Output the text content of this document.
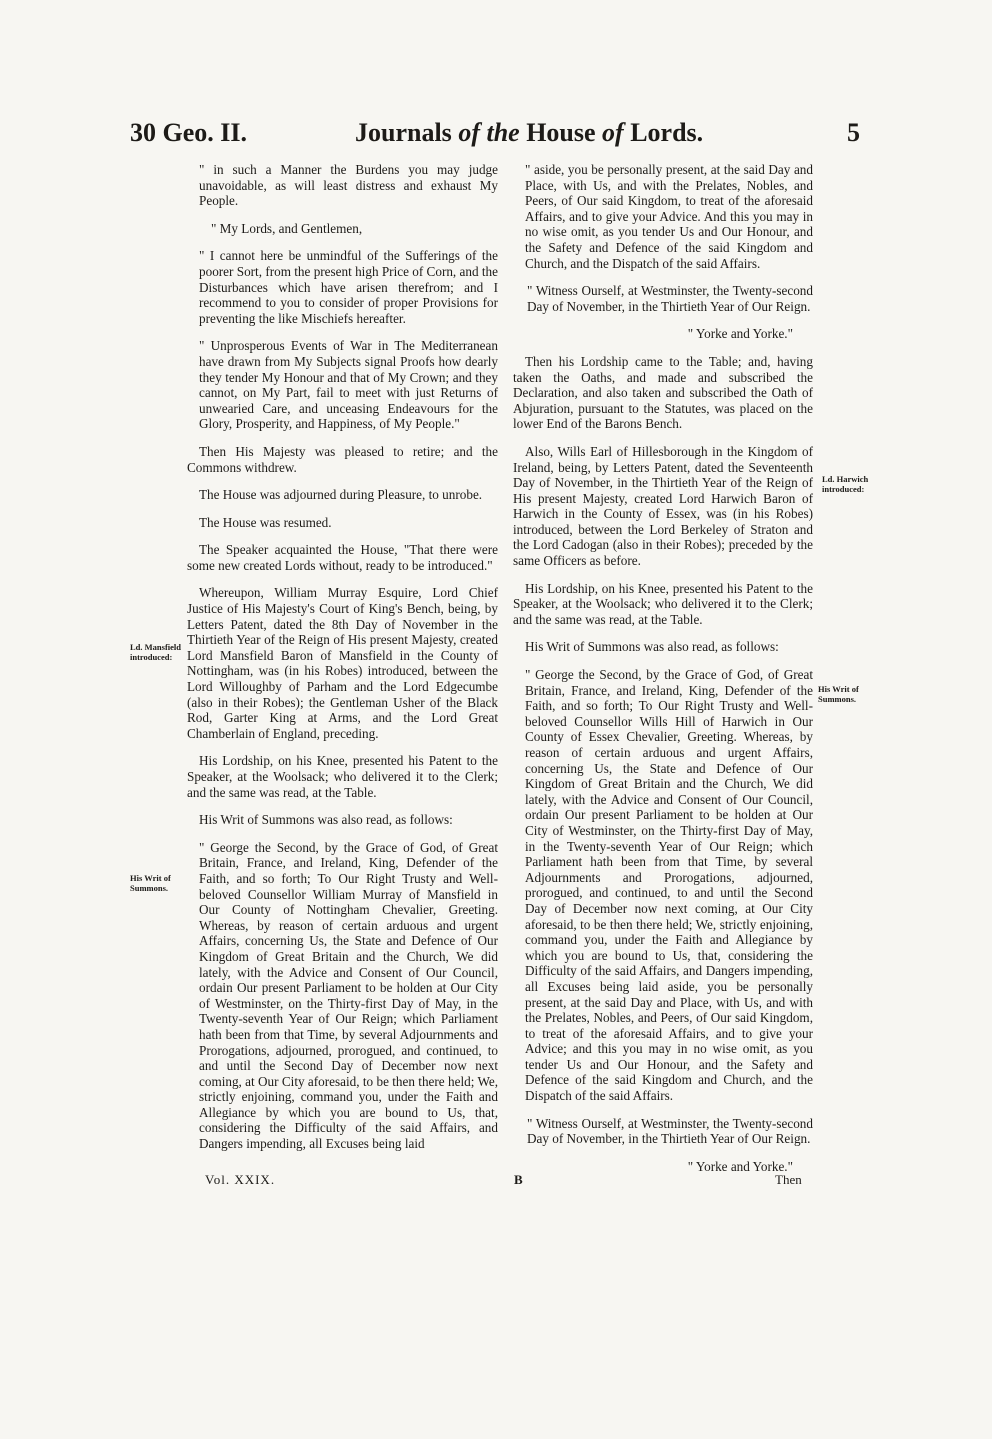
30 Geo. II.	Journals of the House of Lords.	5

" in such a Manner the Burdens you may judge unavoidable, as will least distress and exhaust My People.

" My Lords, and Gentlemen,

" I cannot here be unmindful of the Sufferings of the poorer Sort, from the present high Price of Corn, and the Disturbances which have arisen therefrom; and I recommend to you to consider of proper Provisions for preventing the like Mischiefs hereafter.

" Unprosperous Events of War in The Mediterranean have drawn from My Subjects signal Proofs how dearly they tender My Honour and that of My Crown; and they cannot, on My Part, fail to meet with just Returns of unwearied Care, and unceasing Endeavours for the Glory, Prosperity, and Happiness, of My People."

Then His Majesty was pleased to retire; and the Commons withdrew.

The House was adjourned during Pleasure, to unrobe.

The House was resumed.

The Speaker acquainted the House, "That there were some new created Lords without, ready to be introduced."

Whereupon, William Murray Esquire, Lord Chief Justice of His Majesty's Court of King's Bench, being, by Letters Patent, dated the 8th Day of November in the Thirtieth Year of the Reign of His present Majesty, created Lord Mansfield Baron of Mansfield in the County of Nottingham, was (in his Robes) introduced, between the Lord Willoughby of Parham and the Lord Edgecumbe (also in their Robes); the Gentleman Usher of the Black Rod, Garter King at Arms, and the Lord Great Chamberlain of England, preceding.

His Lordship, on his Knee, presented his Patent to the Speaker, at the Woolsack; who delivered it to the Clerk; and the same was read, at the Table.

His Writ of Summons was also read, as follows:

" George the Second, by the Grace of God, of Great Britain, France, and Ireland, King, Defender of the Faith, and so forth; To Our Right Trusty and Well-beloved Counsellor William Murray of Mansfield in Our County of Nottingham Chevalier, Greeting. Whereas, by reason of certain arduous and urgent Affairs, concerning Us, the State and Defence of Our Kingdom of Great Britain and the Church, We did lately, with the Advice and Consent of Our Council, ordain Our present Parliament to be holden at Our City of Westminster, on the Thirty-first Day of May, in the Twenty-seventh Year of Our Reign; which Parliament hath been from that Time, by several Adjournments and Prorogations, adjourned, prorogued, and continued, to and until the Second Day of December now next coming, at Our City aforesaid, to be then there held; We, strictly enjoining, command you, under the Faith and Allegiance by which you are bound to Us, that, considering the Difficulty of the said Affairs, and Dangers impending, all Excuses being laid

" aside, you be personally present, at the said Day and Place, with Us, and with the Prelates, Nobles, and Peers, of Our said Kingdom, to treat of the aforesaid Affairs, and to give your Advice. And this you may in no wise omit, as you tender Us and Our Honour, and the Safety and Defence of the said Kingdom and Church, and the Dispatch of the said Affairs.

" Witness Ourself, at Westminster, the Twenty-second Day of November, in the Thirtieth Year of Our Reign.

" Yorke and Yorke."

Then his Lordship came to the Table; and, having taken the Oaths, and made and subscribed the Declaration, and also taken and subscribed the Oath of Abjuration, pursuant to the Statutes, was placed on the lower End of the Barons Bench.

Also, Wills Earl of Hillesborough in the Kingdom of Ireland, being, by Letters Patent, dated the Seventeenth Day of November, in the Thirtieth Year of the Reign of His present Majesty, created Lord Harwich Baron of Harwich in the County of Essex, was (in his Robes) introduced, between the Lord Berkeley of Straton and the Lord Cadogan (also in their Robes); preceded by the same Officers as before.

His Lordship, on his Knee, presented his Patent to the Speaker, at the Woolsack; who delivered it to the Clerk; and the same was read, at the Table.

His Writ of Summons was also read, as follows:

" George the Second, by the Grace of God, of Great Britain, France, and Ireland, King, Defender of the Faith, and so forth; To Our Right Trusty and Well-beloved Counsellor Wills Hill of Harwich in Our County of Essex Chevalier, Greeting. Whereas, by reason of certain arduous and urgent Affairs, concerning Us, the State and Defence of Our Kingdom of Great Britain and the Church, We did lately, with the Advice and Consent of Our Council, ordain Our present Parliament to be holden at Our City of Westminster, on the Thirty-first Day of May, in the Twenty-seventh Year of Our Reign; which Parliament hath been from that Time, by several Adjournments and Prorogations, adjourned, prorogued, and continued, to and until the Second Day of December now next coming, at Our City aforesaid, to be then there held; We, strictly enjoining, command you, under the Faith and Allegiance by which you are bound to Us, that, considering the Difficulty of the said Affairs, and Dangers impending, all Excuses being laid aside, you be personally present, at the said Day and Place, with Us, and with the Prelates, Nobles, and Peers, of Our said Kingdom, to treat of the aforesaid Affairs, and to give your Advice; and this you may in no wise omit, as you tender Us and Our Honour, and the Safety and Defence of the said Kingdom and Church, and the Dispatch of the said Affairs.

" Witness Ourself, at Westminster, the Twenty-second Day of November, in the Thirtieth Year of Our Reign.

" Yorke and Yorke."

Ld. Mansfield
introduced:
His Writ of
Summons.
Ld. Harwich
introduced:
His Writ of
Summons.
Vol. XXIX.	B	Then
